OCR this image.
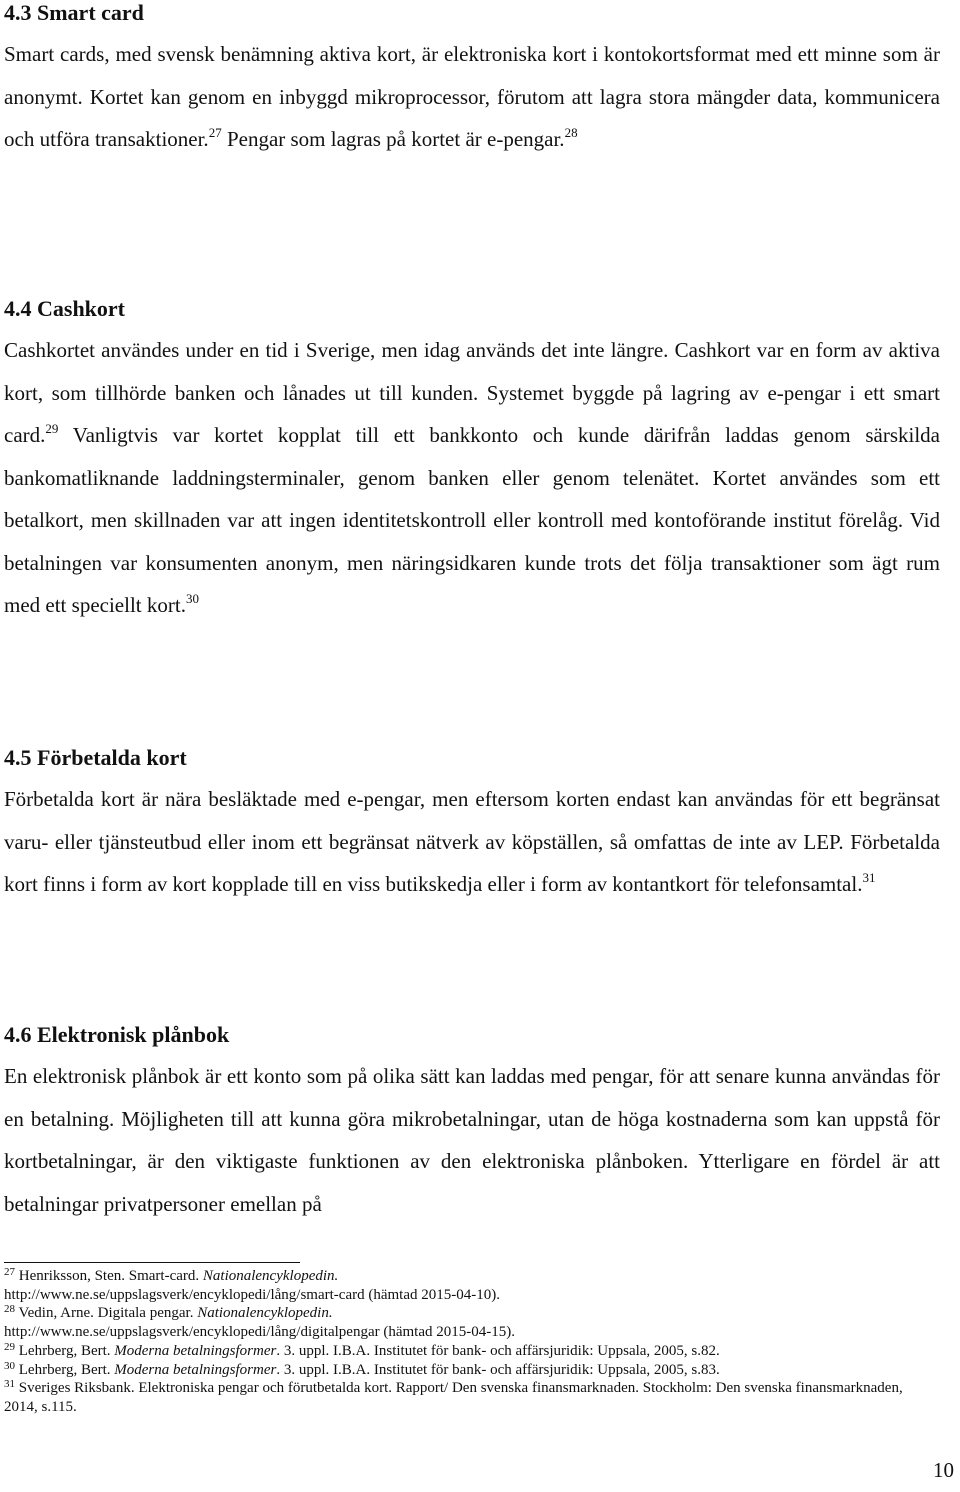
4.3 Smart card

Smart cards, med svensk benämning aktiva kort, är elektroniska kort i kontokortsformat med ett minne som är anonymt. Kortet kan genom en inbyggd mikroprocessor, förutom att lagra stora mängder data, kommunicera och utföra transaktioner.$^{27}$ Pengar som lagras på kortet är e-pengar.$^{28}$

4.4 Cashkort

Cashkortet användes under en tid i Sverige, men idag används det inte längre. Cashkort var en form av aktiva kort, som tillhörde banken och lånades ut till kunden. Systemet byggde på lagring av e-pengar i ett smart card.$^{29}$ Vanligtvis var kortet kopplat till ett bankkonto och kunde därifrån laddas genom särskilda bankomatliknande laddningsterminaler, genom banken eller genom telenätet. Kortet användes som ett betalkort, men skillnaden var att ingen identitetskontroll eller kontroll med kontoförande institut förelåg. Vid betalningen var konsumenten anonym, men näringsidkaren kunde trots det följa transaktioner som ägt rum med ett speciellt kort.$^{30}$

4.5 Förbetalda kort

Förbetalda kort är nära besläktade med e-pengar, men eftersom korten endast kan användas för ett begränsat varu- eller tjänsteutbud eller inom ett begränsat nätverk av köpställen, så omfattas de inte av LEP. Förbetalda kort finns i form av kort kopplade till en viss butikskedja eller i form av kontantkort för telefonsamtal.$^{31}$

4.6 Elektronisk plånbok

En elektronisk plånbok är ett konto som på olika sätt kan laddas med pengar, för att senare kunna användas för en betalning. Möjligheten till att kunna göra mikrobetalningar, utan de höga kostnaderna som kan uppstå för kortbetalningar, är den viktigaste funktionen av den elektroniska plånboken. Ytterligare en fördel är att betalningar privatpersoner emellan på

$^{27}$ Henriksson, Sten. Smart-card. Nationalencyklopedin.
http://www.ne.se/uppslagsverk/encyklopedi/lång/smart-card (hämtad 2015-04-10).

$^{28}$ Vedin, Arne. Digitala pengar. Nationalencyklopedin.
http://www.ne.se/uppslagsverk/encyklopedi/lång/digitalpengar (hämtad 2015-04-15).

$^{29}$ Lehrberg, Bert. Moderna betalningsformer. 3. uppl. I.B.A. Institutet för bank- och affärsjuridik: Uppsala, 2005, s.82.

$^{30}$ Lehrberg, Bert. Moderna betalningsformer. 3. uppl. I.B.A. Institutet för bank- och affärsjuridik: Uppsala, 2005, s.83.

$^{31}$ Sveriges Riksbank. Elektroniska pengar och förutbetalda kort. Rapport/ Den svenska finansmarknaden. Stockholm: Den svenska finansmarknaden, 2014, s.115.

10
